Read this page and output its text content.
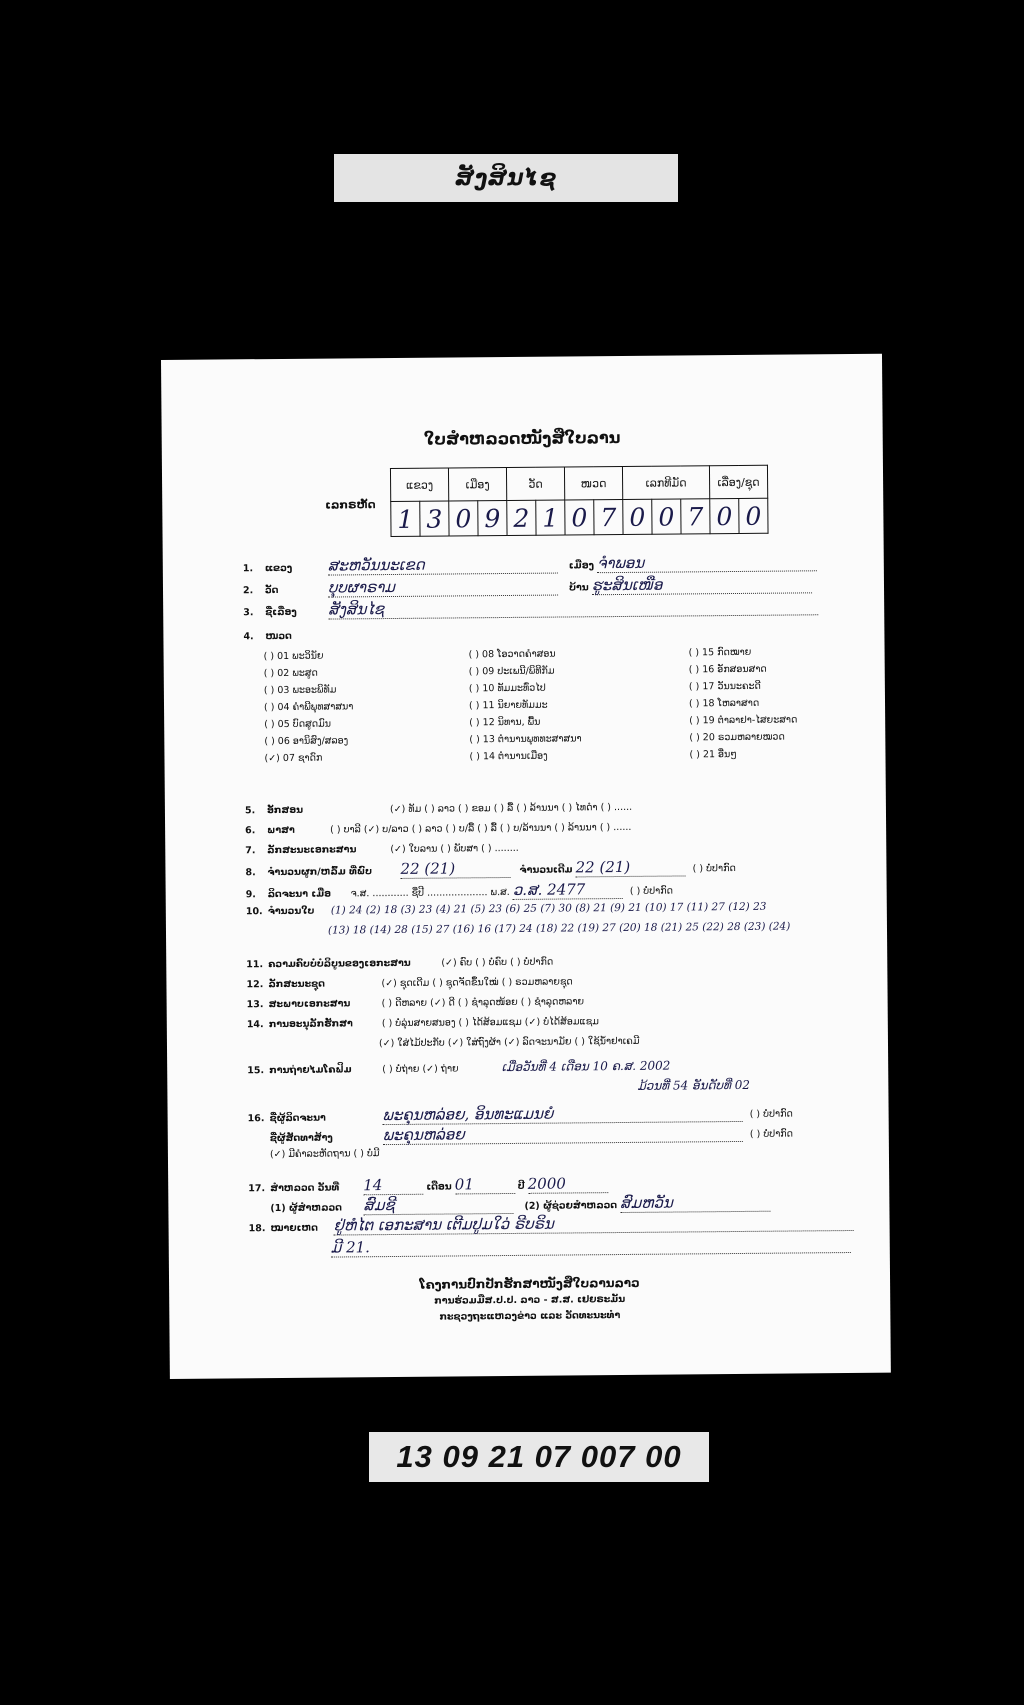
ສັງສິນໄຊ
ໃບສຳຫລວດໜັງສືໃບລານ
ເລກຣຫັດ
ແຂວງ		ເມືອງ		ວັດ		ໜວດ		ເລກທີມັດ			ເລື່ອງ/ຊຸດ	
1	3	0	9	2	1	0	7	0	0	7	0	0
1. ແຂວງ ສະຫວັນນະເຂດ	ເມືອງ ຈຳພອນ
2. ວັດ	ບຸບຜາຣາມ	ບ້ານ ຮູະສິນເໜືອ
3. ຊື່ເລື່ອງ ສັງສິນໄຊ
4. ໜວດ
( ) 01 ພະວິນັຍ	( ) 08 ໂອວາດຄຳສອນ	( ) 15 ກົດໝາຍ
( ) 02 ພະສູດ	( ) 09 ປະເພນີ/ພິທີກັມ	( ) 16 ອັກສອນສາດ
( ) 03 ພະອະພິທັມ	( ) 10 ທັມມະທົ່ວໄປ	( ) 17 ວັນນະຄະດີ
( ) 04 ຄຳພີພຸທສາສນາ	( ) 11 ນິຍາຍທັມມະ	( ) 18 ໂຫລາສາດ
( ) 05 ບົດສູດມົນ	( ) 12 ນິທານ, ພື້ນ	( ) 19 ຕຳລາຢາ-ໄສຍະສາດ
( ) 06 ອານິສົງ/ສລອງ	( ) 13 ຕຳນານພຸທທະສາສນາ	( ) 20 ຣວມຫລາຍໝວດ
(✓) 07 ຊາດົກ	( ) 14 ຕຳນານເມືອງ	( ) 21 ອື່ນໆ
5. ອັກສອນ	(✓) ທັມ ( ) ລາວ ( ) ຂອມ ( ) ລື້ ( ) ລ້ານນາ ( ) ໄທດຳ ( ) ......
6. ພາສາ	( ) ບາລີ (✓) ບ/ລາວ ( ) ລາວ ( ) ບ/ລື້ ( ) ລື້ ( ) ບ/ລ້ານນາ ( ) ລ້ານນາ ( ) ......
7. ລັກສະນະເອກະສານ	(✓) ໃບລານ ( ) ພັບສາ ( ) ........
8. ຈຳນວນຜູກ/ຫລົ້ມ ທີ່ພົບ 22 (21)	ຈຳນວນເດີມ 22 (21)	( ) ບໍ່ປາກົດ
9. ລິດຈະນາ ເມື່ອ ຈ.ສ. ............ ຊື່ປີ .................... ພ.ສ. ວ.ສ. 2477	( ) ບໍ່ປາກົດ
10. ຈຳນວນໃບ (1) 24 (2) 18 (3) 23 (4) 21 (5) 23 (6) 25 (7) 30 (8) 21 (9) 21 (10) 17 (11) 27 (12) 23
(13) 18 (14) 28 (15) 27 (16) 16 (17) 24 (18) 22 (19) 27 (20) 18 (21) 25 (22) 28 (23) (24)
11. ຄວາມຄົບບໍ່ບໍລິບູນຂອງເອກະສານ	(✓) ຄົບ ( ) ບໍ່ຄົບ ( ) ບໍ່ປາກົດ
12. ລັກສະນະຊຸດ	(✓) ຊຸດເດີມ ( ) ຊຸດຈັດຂຶ້ນໃໝ່ ( ) ຣວມຫລາຍຊຸດ
13. ສະພາບເອກະສານ	( ) ດີຫລາຍ (✓) ດີ ( ) ຊຳລຸດໜ້ອຍ ( ) ຊຳລຸດຫລາຍ
14. ການອະນຸລັກຮັກສາ	( ) ບໍ່ລຸ່ນສາຍສນອງ ( ) ໄດ້ສ້ອມແຊມ (✓) ບໍ່ໄດ້ສ້ອມແຊມ
(✓) ໃສ່ໄມ້ປະກັບ (✓) ໃສ່ຖົງຜ້າ (✓) ລົດຈະນາມັຍ ( ) ໃຊ້ນ້ຳຢາເຄມີ
15. ການຖ່າຍໄມໂຄຟິມ	( ) ບໍ່ຖ່າຍ (✓) ຖ່າຍ	ເມື່ອວັນທີ່ 4 ເດືອນ 10 ຄ.ສ. 2002
ມ້ວນທີ່ 54 ອັນດັບທີ່ 02
16. ຊື່ຜູ້ລິດຈະນາ	ພະຄຸນຫລ່ອຍ, ອິນທະແມນຍໍ	( ) ບໍ່ປາກົດ
ຊື່ຜູ້ສັດທາສ້າງ	ພະຄຸນຫລ່ອຍ	( ) ບໍ່ປາກົດ
(✓) ມີຄຳລະຫັດຖານ ( ) ບໍ່ມີ
17. ສຳຫລວດ ວັນທີ່ 14	ເດືອນ 01	ປີ 2000
(1) ຜູ້ສຳຫລວດ ສົມຊີ	(2) ຜູ້ຊ່ວຍສຳຫລວດ ສົມຫວັນ
18. ໝາຍເຫດ ຢູ່ຫໍໄຕ ເອກະສານ ເຕີມປູມໃວ່ ຣີບຣິນ
ມີ 21.
ໂຄງການປົກປັກຮັກສາໜັງສືໃບລານລາວ
ການຮ່ວມມືສ.ປ.ປ. ລາວ - ສ.ສ. ເຢຍຣະມັນ
ກະຊວງຖະແຫລງຂ່າວ ແລະ ວັດທະນະທຳ
13 09 21 07 007 00
